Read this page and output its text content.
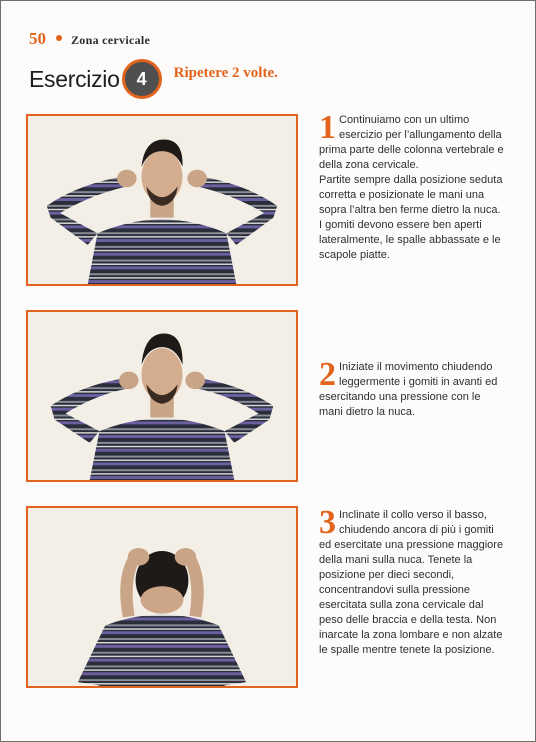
50 Zona cervicale
Esercizio 4 Ripetere 2 volte.
1 Continuiamo con un ultimo esercizio per l’allungamento della prima parte delle colonna vertebrale e della zona cervicale.

Partite sempre dalla posizione seduta corretta e posizionate le mani una sopra l’altra ben ferme dietro la nuca. I gomiti devono essere ben aperti lateralmente, le spalle abbassate e le scapole piatte.

2 Iniziate il movimento chiudendo leggermente i gomiti in avanti ed esercitando una pressione con le mani dietro la nuca.

3 Inclinate il collo verso il basso, chiudendo ancora di più i gomiti ed esercitate una pressione maggiore della mani sulla nuca. Tenete la posizione per dieci secondi, concentrandovi sulla pressione esercitata sulla zona cervicale dal peso delle braccia e della testa. Non inarcate la zona lombare e non alzate le spalle mentre tenete la posizione.
